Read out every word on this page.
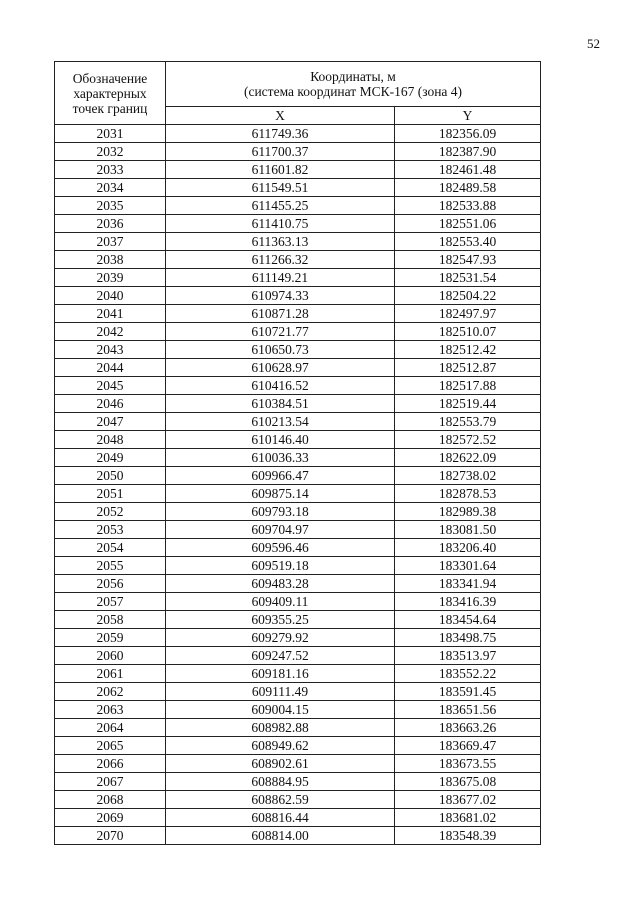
52
Обозначение
характерных
точек границ	Координаты, м
(система координат МСК-167 (зона 4)	

	X	Y
2031	611749.36	182356.09
2032	611700.37	182387.90
2033	611601.82	182461.48
2034	611549.51	182489.58
2035	611455.25	182533.88
2036	611410.75	182551.06
2037	611363.13	182553.40
2038	611266.32	182547.93
2039	611149.21	182531.54
2040	610974.33	182504.22
2041	610871.28	182497.97
2042	610721.77	182510.07
2043	610650.73	182512.42
2044	610628.97	182512.87
2045	610416.52	182517.88
2046	610384.51	182519.44
2047	610213.54	182553.79
2048	610146.40	182572.52
2049	610036.33	182622.09
2050	609966.47	182738.02
2051	609875.14	182878.53
2052	609793.18	182989.38
2053	609704.97	183081.50
2054	609596.46	183206.40
2055	609519.18	183301.64
2056	609483.28	183341.94
2057	609409.11	183416.39
2058	609355.25	183454.64
2059	609279.92	183498.75
2060	609247.52	183513.97
2061	609181.16	183552.22
2062	609111.49	183591.45
2063	609004.15	183651.56
2064	608982.88	183663.26
2065	608949.62	183669.47
2066	608902.61	183673.55
2067	608884.95	183675.08
2068	608862.59	183677.02
2069	608816.44	183681.02
2070	608814.00	183548.39
